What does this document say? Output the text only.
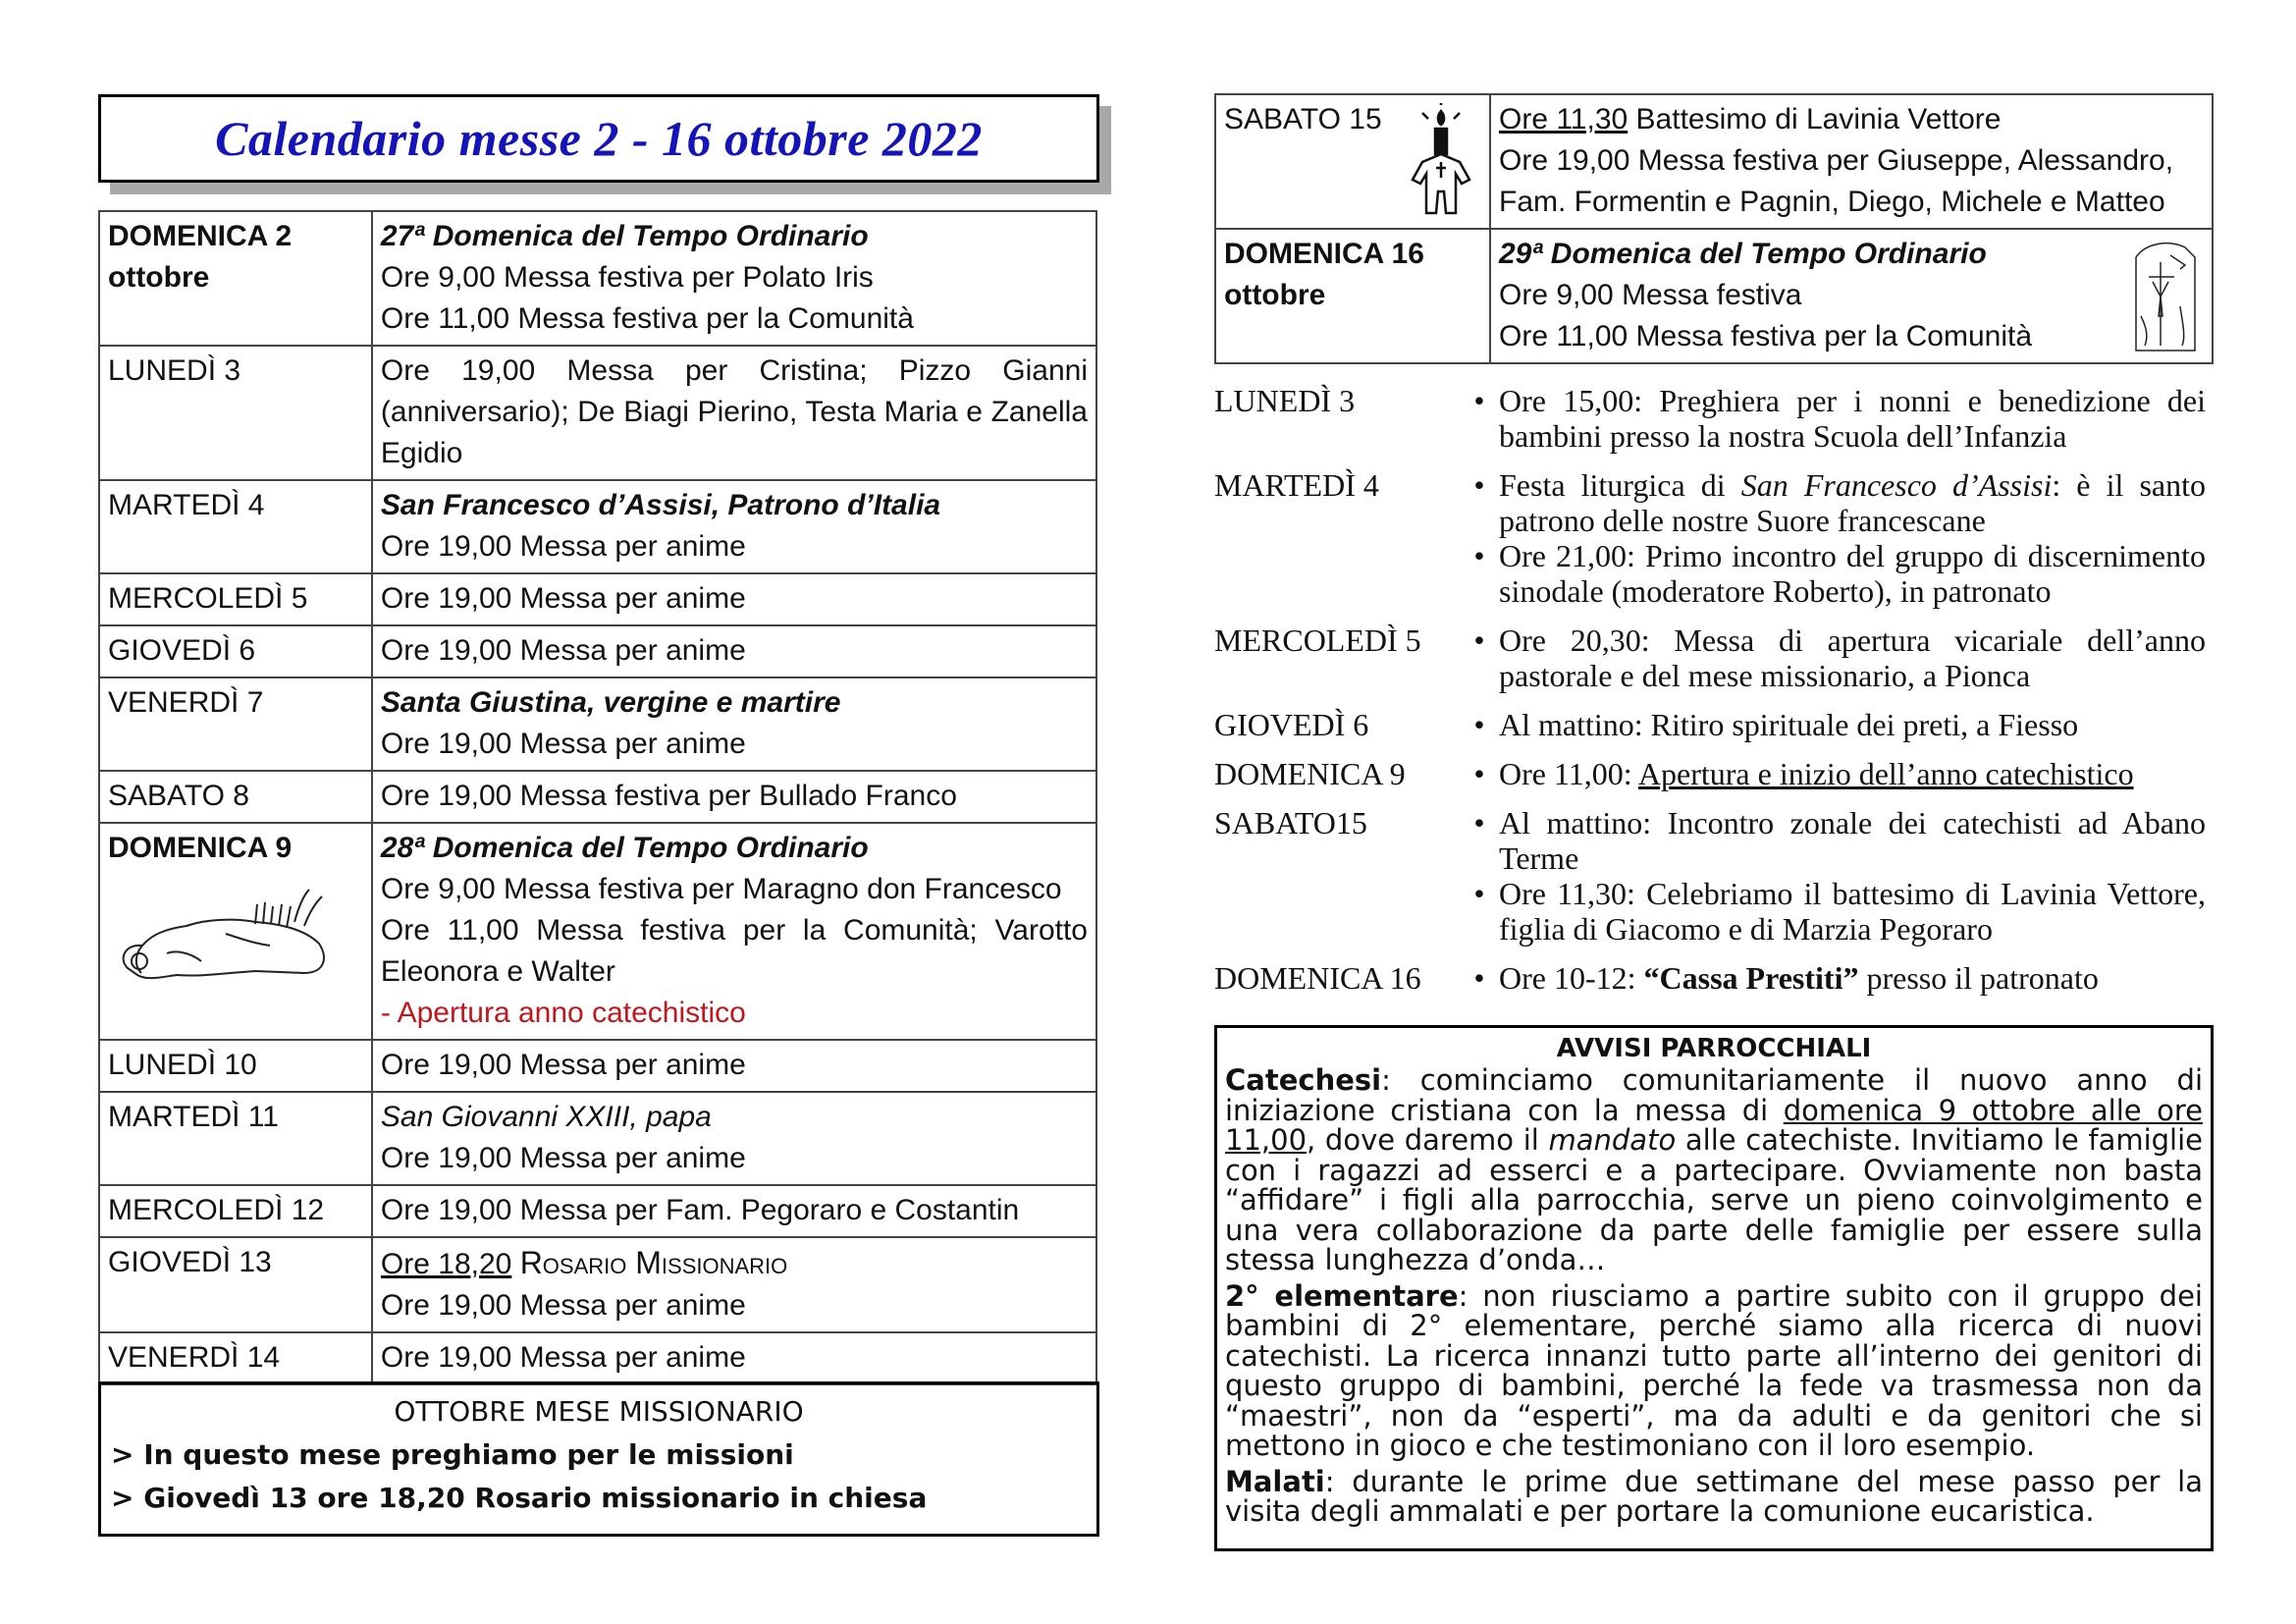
Calendario messe 2 - 16 ottobre 2022
DOMENICA 2 ottobre	27ª Domenica del Tempo Ordinario
Ore 9,00 Messa festiva per Polato Iris
Ore 11,00 Messa festiva per la Comunità

LUNEDÌ 3	Ore 19,00 Messa per Cristina; Pizzo Gianni (anniversario); De Biagi Pierino, Testa Maria e Zanella Egidio

MARTEDÌ 4	San Francesco d’Assisi, Patrono d’Italia
Ore 19,00 Messa per anime

MERCOLEDÌ 5	Ore 19,00 Messa per anime

GIOVEDÌ 6	Ore 19,00 Messa per anime

VENERDÌ 7	Santa Giustina, vergine e martire
Ore 19,00 Messa per anime

SABATO 8	Ore 19,00 Messa festiva per Bullado Franco

DOMENICA 9	28ª Domenica del Tempo Ordinario
Ore 9,00 Messa festiva per Maragno don Francesco
Ore 11,00 Messa festiva per la Comunità; Varotto Eleonora e Walter
- Apertura anno catechistico

LUNEDÌ 10	Ore 19,00 Messa per anime

MARTEDÌ 11	San Giovanni XXIII, papa
Ore 19,00 Messa per anime

MERCOLEDÌ 12	Ore 19,00 Messa per Fam. Pegoraro e Costantin

GIOVEDÌ 13	Ore 18,20 Rosario Missionario
Ore 19,00 Messa per anime

VENERDÌ 14	Ore 19,00 Messa per anime
OTTOBRE MESE MISSIONARIO
> In questo mese preghiamo per le missioni
> Giovedì 13 ore 18,20 Rosario missionario in chiesa
SABATO 15	Ore 11,30 Battesimo di Lavinia Vettore
Ore 19,00 Messa festiva per Giuseppe, Alessandro, Fam. Formentin e Pagnin, Diego, Michele e Matteo

DOMENICA 16 ottobre	29ª Domenica del Tempo Ordinario
Ore 9,00 Messa festiva
Ore 11,00 Messa festiva per la Comunità
LUNEDÌ 3	• Ore 15,00: Preghiera per i nonni e benedizione dei bambini presso la nostra Scuola dell’Infanzia
MARTEDÌ 4	• Festa liturgica di San Francesco d’Assisi: è il santo patrono delle nostre Suore francescane
• Ore 21,00: Primo incontro del gruppo di discernimento sinodale (moderatore Roberto), in patronato
MERCOLEDÌ 5	• Ore 20,30: Messa di apertura vicariale dell’anno pastorale e del mese missionario, a Pionca
GIOVEDÌ 6	• Al mattino: Ritiro spirituale dei preti, a Fiesso
DOMENICA 9	• Ore 11,00: Apertura e inizio dell’anno catechistico
SABATO15	• Al mattino: Incontro zonale dei catechisti ad Abano Terme
• Ore 11,30: Celebriamo il battesimo di Lavinia Vettore, figlia di Giacomo e di Marzia Pegoraro
DOMENICA 16	• Ore 10-12: “Cassa Prestiti” presso il patronato
AVVISI PARROCCHIALI

Catechesi: cominciamo comunitariamente il nuovo anno di iniziazione cristiana con la messa di domenica 9 ottobre alle ore 11,00, dove daremo il mandato alle catechiste. Invitiamo le famiglie con i ragazzi ad esserci e a partecipare. Ovviamente non basta “affidare” i figli alla parrocchia, serve un pieno coinvolgimento e una vera collaborazione da parte delle famiglie per essere sulla stessa lunghezza d’onda…

2° elementare: non riusciamo a partire subito con il gruppo dei bambini di 2° elementare, perché siamo alla ricerca di nuovi catechisti. La ricerca innanzi tutto parte all’interno dei genitori di questo gruppo di bambini, perché la fede va trasmessa non da “maestri”, non da “esperti”, ma da adulti e da genitori che si mettono in gioco e che testimoniano con il loro esempio.

Malati: durante le prime due settimane del mese passo per la visita degli ammalati e per portare la comunione eucaristica.
